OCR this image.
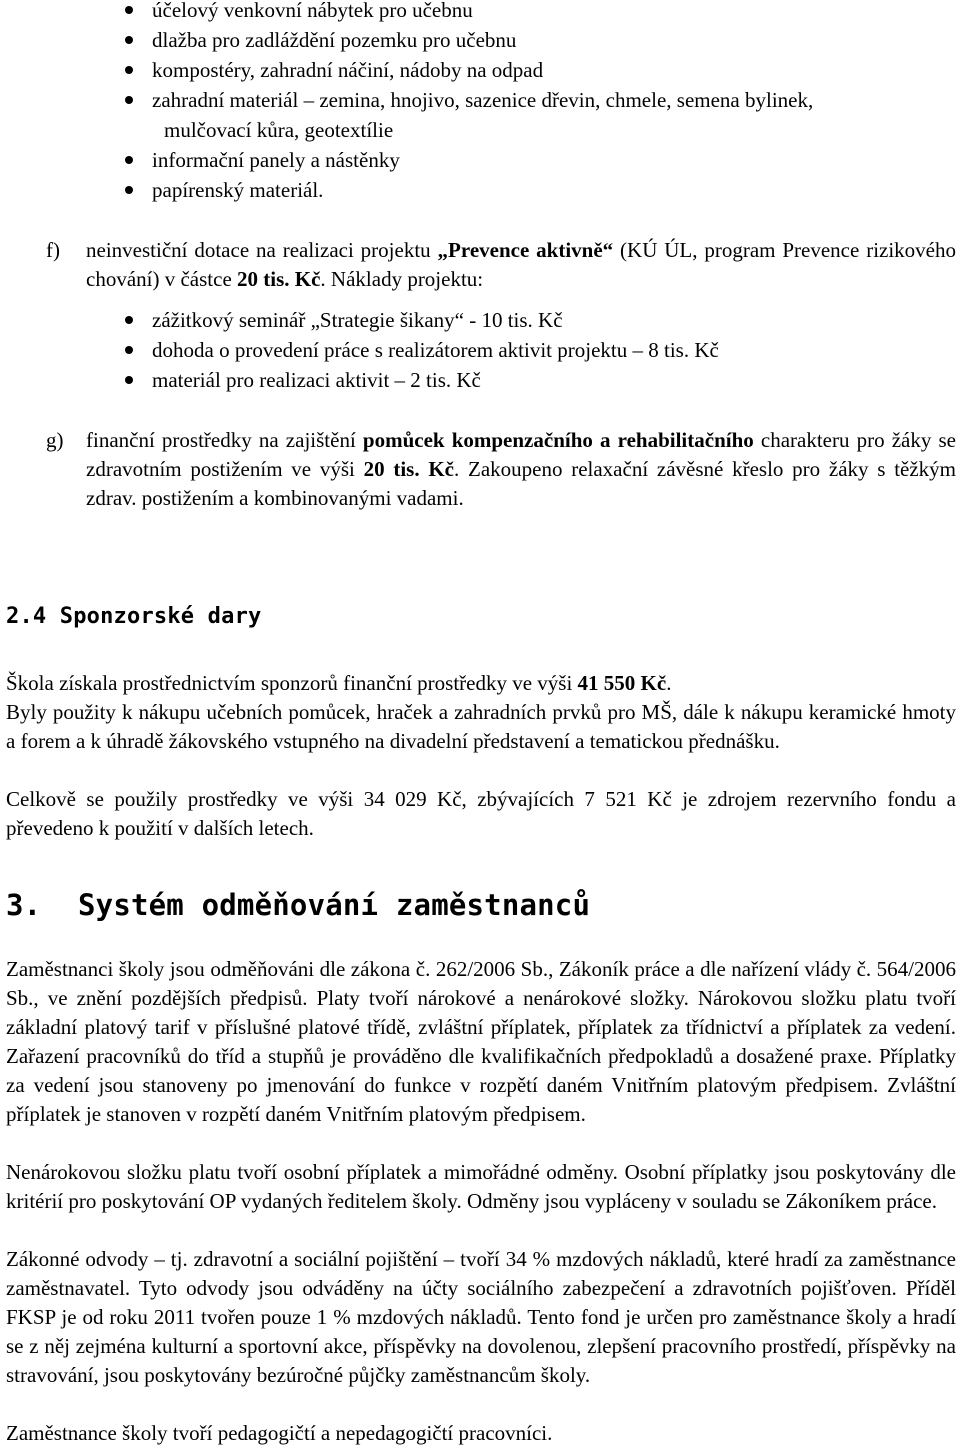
účelový venkovní nábytek pro učebnu
dlažba pro zadláždění pozemku pro učebnu
kompostéry, zahradní náčiní, nádoby na odpad
zahradní materiál – zemina, hnojivo, sazenice dřevin, chmele, semena bylinek,
mulčovací kůra, geotextílie
informační panely a nástěnky
papírenský materiál.
f) neinvestiční dotace na realizaci projektu „Prevence aktivně“ (KÚ ÚL, program Prevence rizikového chování) v částce 20 tis. Kč. Náklady projektu:
zážitkový seminář „Strategie šikany“ - 10 tis. Kč
dohoda o provedení práce s realizátorem aktivit projektu – 8 tis. Kč
materiál pro realizaci aktivit – 2 tis. Kč
g) finanční prostředky na zajištění pomůcek kompenzačního a rehabilitačního charakteru pro žáky se zdravotním postižením ve výši 20 tis. Kč. Zakoupeno relaxační závěsné křeslo pro žáky s těžkým zdrav. postižením a kombinovanými vadami.
2.4 Sponzorské dary
Škola získala prostřednictvím sponzorů finanční prostředky ve výši 41 550 Kč.
Byly použity k nákupu učebních pomůcek, hraček a zahradních prvků pro MŠ, dále k nákupu keramické hmoty a forem a k úhradě žákovského vstupného na divadelní představení a tematickou přednášku.
Celkově se použily prostředky ve výši 34 029 Kč, zbývajících 7 521 Kč je zdrojem rezervního fondu a převedeno k použití v dalších letech.
3. Systém odměňování zaměstnanců
Zaměstnanci školy jsou odměňováni dle zákona č. 262/2006 Sb., Zákoník práce a dle nařízení vlády č. 564/2006 Sb., ve znění pozdějších předpisů. Platy tvoří nárokové a nenárokové složky. Nárokovou složku platu tvoří základní platový tarif v příslušné platové třídě, zvláštní příplatek, příplatek za třídnictví a příplatek za vedení. Zařazení pracovníků do tříd a stupňů je prováděno dle kvalifikačních předpokladů a dosažené praxe. Příplatky za vedení jsou stanoveny po jmenování do funkce v rozpětí daném Vnitřním platovým předpisem. Zvláštní příplatek je stanoven v rozpětí daném Vnitřním platovým předpisem.
Nenárokovou složku platu tvoří osobní příplatek a mimořádné odměny. Osobní příplatky jsou poskytovány dle kritérií pro poskytování OP vydaných ředitelem školy. Odměny jsou vypláceny v souladu se Zákoníkem práce.
Zákonné odvody – tj. zdravotní a sociální pojištění – tvoří 34 % mzdových nákladů, které hradí za zaměstnance zaměstnavatel. Tyto odvody jsou odváděny na účty sociálního zabezpečení a zdravotních pojišťoven. Příděl FKSP je od roku 2011 tvořen pouze 1 % mzdových nákladů. Tento fond je určen pro zaměstnance školy a hradí se z něj zejména kulturní a sportovní akce, příspěvky na dovolenou, zlepšení pracovního prostředí, příspěvky na stravování, jsou poskytovány bezúročné půjčky zaměstnancům školy.
Zaměstnance školy tvoří pedagogičtí a nepedagogičtí pracovníci.
